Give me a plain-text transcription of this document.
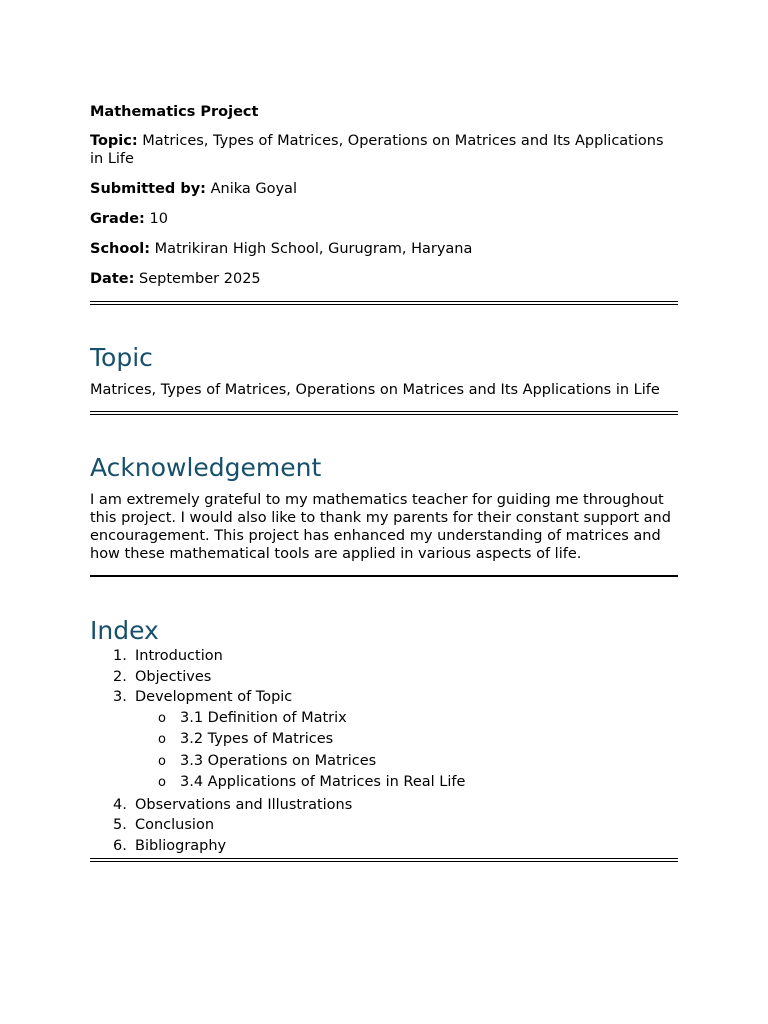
Mathematics Project
Topic: Matrices, Types of Matrices, Operations on Matrices and Its Applications in Life
Submitted by: Anika Goyal
Grade: 10
School: Matrikiran High School, Gurugram, Haryana
Date: September 2025
Topic
Matrices, Types of Matrices, Operations on Matrices and Its Applications in Life
Acknowledgement
I am extremely grateful to my mathematics teacher for guiding me throughout this project. I would also like to thank my parents for their constant support and encouragement. This project has enhanced my understanding of matrices and how these mathematical tools are applied in various aspects of life.
Index
1. Introduction
2. Objectives
3. Development of Topic
o 3.1 Definition of Matrix
o 3.2 Types of Matrices
o 3.3 Operations on Matrices
o 3.4 Applications of Matrices in Real Life
4. Observations and Illustrations
5. Conclusion
6. Bibliography
